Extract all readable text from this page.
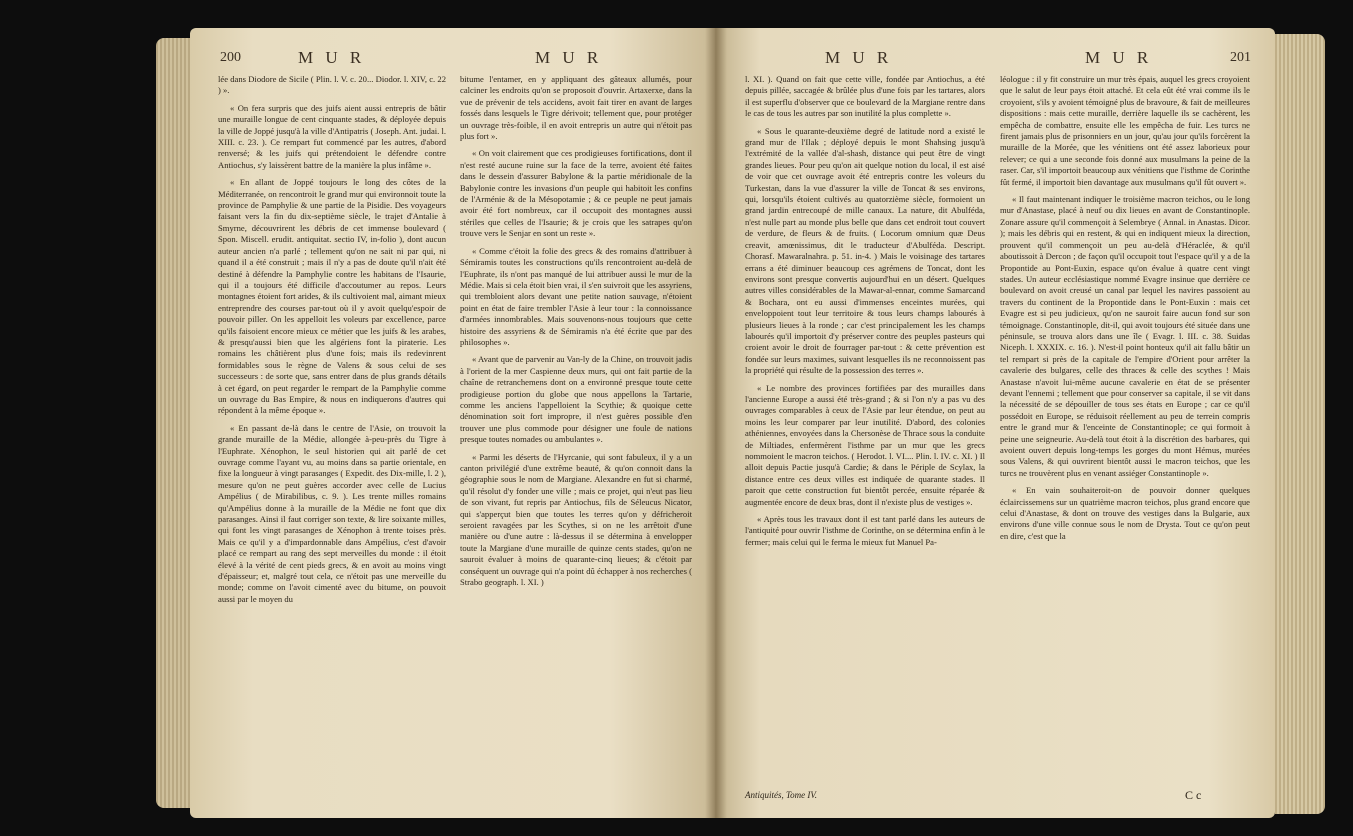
200	M U R	M U R

lée dans Diodore de Sicile ( Plin. l. V. c. 20... Diodor. l. XIV, c. 22 ) ».

« On fera surpris que des juifs aient aussi entrepris de bâtir une muraille longue de cent cinquante stades, & déployée depuis la ville de Joppé jusqu'à la ville d'Antipatris ( Joseph. Ant. judai. l. XIII. c. 23. ). Ce rempart fut commencé par les autres, d'abord renversé; & les juifs qui prétendoient le défendre contre Antiochus, s'y laissèrent battre de la manière la plus infâme ».

« En allant de Joppé toujours le long des côtes de la Méditerranée, on rencontroit le grand mur qui environnoit toute la province de Pamphylie & une partie de la Pisidie. Des voyageurs faisant vers la fin du dix-septième siècle, le trajet d'Antalie à Smyrne, découvrirent les débris de cet immense boulevard ( Spon. Miscell. erudit. antiquitat. sectio IV, in-folio ), dont aucun auteur ancien n'a parlé ; tellement qu'on ne sait ni par qui, ni quand il a été construit ; mais il n'y a pas de doute qu'il n'ait été destiné à défendre la Pamphylie contre les habitans de l'Isaurie, qui il a toujours été difficile d'accoutumer au repos. Leurs montagnes étoient fort arides, & ils cultivoient mal, aimant mieux entreprendre des courses par-tout où il y avoit quelqu'espoir de pouvoir piller. On les appelloit les voleurs par excellence, parce qu'ils faisoient encore mieux ce métier que les juifs & les arabes, & presqu'aussi bien que les algériens font la piraterie. Les romains les châtièrent plus d'une fois; mais ils redevinrent formidables sous le règne de Valens & sous celui de ses successeurs : de sorte que, sans entrer dans de plus grands détails à cet égard, on peut regarder le rempart de la Pamphylie comme un ouvrage du Bas Empire, & nous en indiquerons d'autres qui répondent à la même époque ».

« En passant de-là dans le centre de l'Asie, on trouvoit la grande muraille de la Médie, allongée à-peu-près du Tigre à l'Euphrate. Xénophon, le seul historien qui ait parlé de cet ouvrage comme l'ayant vu, au moins dans sa partie orientale, en fixe la longueur à vingt parasanges ( Expedit. des Dix-mille, l. 2 ), mesure qu'on ne peut guères accorder avec celle de Lucius Ampélius ( de Mirabilibus, c. 9. ). Les trente milles romains qu'Ampélius donne à la muraille de la Médie ne font que dix parasanges. Ainsi il faut corriger son texte, & lire soixante milles, qui font les vingt parasanges de Xénophon à trente toises près. Mais ce qu'il y a d'impardonnable dans Ampélius, c'est d'avoir placé ce rempart au rang des sept merveilles du monde : il étoit élevé à la vérité de cent pieds grecs, & en avoit au moins vingt d'épaisseur; et, malgré tout cela, ce n'étoit pas une merveille du monde; comme on l'avoit cimenté avec du bitume, on pouvoit aussi par le moyen du

bitume l'entamer, en y appliquant des gâteaux allumés, pour calciner les endroits qu'on se proposoit d'ouvrir. Artaxerxe, dans la vue de prévenir de tels accidens, avoit fait tirer en avant de larges fossés dans lesquels le Tigre dérivoit; tellement que, pour protéger un ouvrage très-foible, il en avoit entrepris un autre qui n'étoit pas plus fort ».

« On voit clairement que ces prodigieuses fortifications, dont il n'est resté aucune ruine sur la face de la terre, avoient été faites dans le dessein d'assurer Babylone & la partie méridionale de la Babylonie contre les invasions d'un peuple qui habitoit les confins de l'Arménie & de la Mésopotamie ; & ce peuple ne peut jamais avoir été fort nombreux, car il occupoit des montagnes aussi stériles que celles de l'Isaurie; & je crois que les satrapes qu'on trouve vers le Senjar en sont un reste ».

« Comme c'étoit la folie des grecs & des romains d'attribuer à Sémiramis toutes les constructions qu'ils rencontroient au-delà de l'Euphrate, ils n'ont pas manqué de lui attribuer aussi le mur de la Médie. Mais si cela étoit bien vrai, il s'en suivroit que les assyriens, qui trembloient alors devant une petite nation sauvage, n'étoient point en état de faire trembler l'Asie à leur tour : la connoissance d'armées innombrables. Mais souvenons-nous toujours que cette histoire des assyriens & de Sémiramis n'a été écrite que par des philosophes ».

« Avant que de parvenir au Van-ly de la Chine, on trouvoit jadis à l'orient de la mer Caspienne deux murs, qui ont fait partie de la chaîne de retranchemens dont on a environné presque toute cette prodigieuse portion du globe que nous appellons la Tartarie, comme les anciens l'appelloient la Scythie; & quoique cette dénomination soit fort impropre, il n'est guères possible d'en trouver une plus commode pour désigner une foule de nations presque toutes nomades ou ambulantes ».

« Parmi les déserts de l'Hyrcanie, qui sont fabuleux, il y a un canton privilégié d'une extrême beauté, & qu'on connoit dans la géographie sous le nom de Margiane. Alexandre en fut si charmé, qu'il résolut d'y fonder une ville ; mais ce projet, qui n'eut pas lieu de son vivant, fut repris par Antiochus, fils de Séleucus Nicator, qui s'apperçut bien que toutes les terres qu'on y défricheroit seroient ravagées par les Scythes, si on ne les arrêtoit d'une manière ou d'une autre : là-dessus il se détermina à envelopper toute la Margiane d'une muraille de quinze cents stades, qu'on ne sauroit évaluer à moins de quarante-cinq lieues; & c'étoit par conséquent un ouvrage qui n'a point dû échapper à nos recherches ( Strabo geograph. l. XI. )

M U R	M U R	201

l. XI. ). Quand on fait que cette ville, fondée par Antiochus, a été depuis pillée, saccagée & brûlée plus d'une fois par les tartares, alors il est superflu d'observer que ce boulevard de la Margiane rentre dans le cas de tous les autres par son inutilité la plus complette ».

« Sous le quarante-deuxième degré de latitude nord a existé le grand mur de l'Ilak ; déployé depuis le mont Shahsing jusqu'à l'extrémité de la vallée d'al-shash, distance qui peut être de vingt grandes lieues. Pour peu qu'on ait quelque notion du local, il est aisé de voir que cet ouvrage avoit été entrepris contre les voleurs du Turkestan, dans la vue d'assurer la ville de Toncat & ses environs, qui, lorsqu'ils étoient cultivés au quatorzième siècle, formoient un grand jardin entrecoupé de mille canaux. La nature, dit Abulféda, n'est nulle part au monde plus belle que dans cet endroit tout couvert de verdure, de fleurs & de fruits. ( Locorum omnium quæ Deus creavit, amœnissimus, dit le traducteur d'Abulféda. Descript. Chorasf. Mawaralnahra. p. 51. in-4. ) Mais le voisinage des tartares errans a été diminuer beaucoup ces agrémens de Toncat, dont les environs sont presque convertis aujourd'hui en un désert. Quelques autres villes considérables de la Mawar-al-ennar, comme Samarcand & Bochara, ont eu aussi d'immenses enceintes murées, qui enveloppoient tout leur territoire & tous leurs champs labourés à plusieurs lieues à la ronde ; car c'est principalement les les champs labourés qu'il importoit d'y préserver contre des peuples pasteurs qui croient avoir le droit de fourrager par-tout : & cette prévention est fondée sur leurs maximes, suivant lesquelles ils ne reconnoissent pas la propriété qui résulte de la possession des terres ».

« Le nombre des provinces fortifiées par des murailles dans l'ancienne Europe a aussi été très-grand ; & si l'on n'y a pas vu des ouvrages comparables à ceux de l'Asie par leur étendue, on peut au moins les leur comparer par leur inutilité. D'abord, des colonies athéniennes, envoyées dans la Chersonèse de Thrace sous la conduite de Miltiades, enfermèrent l'isthme par un mur que les grecs nommoient le macron teichos. ( Herodot. l. VI.... Plin. l. IV. c. XI. ) Il alloit depuis Pactie jusqu'à Cardie; & dans le Périple de Scylax, la distance entre ces deux villes est indiquée de quarante stades. Il paroit que cette construction fut bientôt percée, ensuite réparée & augmentée encore de deux bras, dont il n'existe plus de vestiges ».

« Après tous les travaux dont il est tant parlé dans les auteurs de l'antiquité pour ouvrir l'isthme de Corinthe, on se détermina enfin à le fermer; mais celui qui le ferma le mieux fut Manuel Pa-

léologue : il y fit construire un mur très épais, auquel les grecs croyoient que le salut de leur pays étoit attaché. Et cela eût été vrai comme ils le croyoient, s'ils y avoient témoigné plus de bravoure, & fait de meilleures dispositions : mais cette muraille, derrière laquelle ils se cachèrent, les empêcha de combattre, ensuite elle les empêcha de fuir. Les turcs ne firent jamais plus de prisonniers en un jour, qu'au jour qu'ils forcèrent la muraille de la Morée, que les vénitiens ont été assez laborieux pour relever; ce qui a une seconde fois donné aux musulmans la peine de la raser. Car, s'il importoit beaucoup aux vénitiens que l'isthme de Corinthe fût fermé, il importoit bien davantage aux musulmans qu'il fût ouvert ».

« Il faut maintenant indiquer le troisième macron teichos, ou le long mur d'Anastase, placé à neuf ou dix lieues en avant de Constantinople. Zonare assure qu'il commençoit à Selembrye ( Annal. in Anastas. Dicor. ); mais les débris qui en restent, & qui en indiquent mieux la direction, prouvent qu'il commençoit un peu au-delà d'Héraclée, & qu'il aboutissoit à Dercon ; de façon qu'il occupoit tout l'espace qu'il y a de la Propontide au Pont-Euxin, espace qu'on évalue à quatre cent vingt stades. Un auteur ecclésiastique nommé Evagre insinue que derrière ce boulevard on avoit creusé un canal par lequel les navires passoient au travers du continent de la Propontide dans le Pont-Euxin : mais cet Evagre est si peu judicieux, qu'on ne sauroit faire aucun fond sur son témoignage. Constantinople, dit-il, qui avoit toujours été située dans une péninsule, se trouva alors dans une île ( Evagr. l. III. c. 38. Suidas Niceph. l. XXXIX. c. 16. ). N'est-il point honteux qu'il ait fallu bâtir un tel rempart si près de la capitale de l'empire d'Orient pour arrêter la cavalerie des bulgares, celle des thraces & celle des scythes ! Mais Anastase n'avoit lui-même aucune cavalerie en état de se présenter devant l'ennemi ; tellement que pour conserver sa capitale, il se vit dans la nécessité de se dépouiller de tous ses états en Europe ; car ce qu'il possédoit en Europe, se réduisoit réellement au peu de terrein compris entre le grand mur & l'enceinte de Constantinople; ce qui formoit à peine une seigneurie. Au-delà tout étoit à la discrétion des barbares, qui avoient ouvert depuis long-temps les gorges du mont Hémus, murées sous Valens, & qui ouvrirent bientôt aussi le macron teichos, que les turcs ne trouvèrent plus en venant assiéger Constantinople ».

« En vain souhaiteroit-on de pouvoir donner quelques éclaircissemens sur un quatrième macron teichos, plus grand encore que celui d'Anastase, & dont on trouve des vestiges dans la Bulgarie, aux environs d'une ville connue sous le nom de Drysta. Tout ce qu'on peut en dire, c'est que la

Antiquités, Tome IV.	C c
